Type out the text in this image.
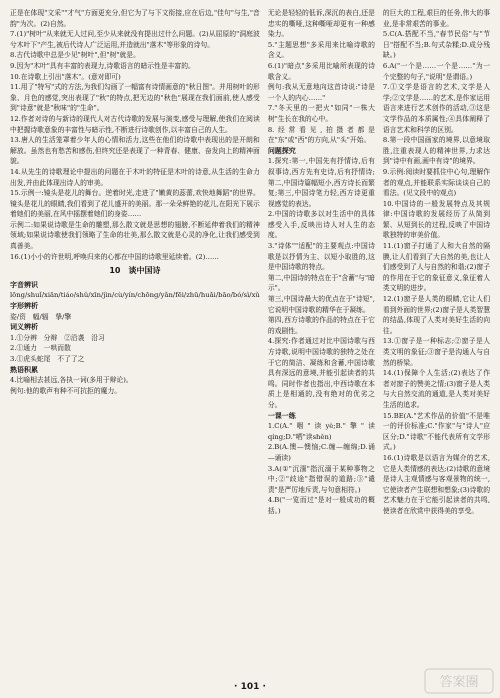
正是在体现"文采""才气"方面更充分,但它为了与下文衔接,应在后边,"佳句"与生,"音韵"为次。(2)自然。

7.(1)"树叶"从来就无人过问,至少从来就没有提出过什么问题。(2)从屈原的"洞庭波兮木叶下"产生,被后代诗人广泛运用,并造就出"落木"等形象的诗句。

8.古代诗歌中总是少见"树叶",但"树"就是。

9.因为"木叶"具有丰富的表现力,诗歌语言的暗示性是丰富的。

10.在诗歌上引出"落木"。(意对即可)

11.用了"特写"式的方法,为我们勾画了一幅富有诗情画意的"秋日图"。并用树叶的形象、月色的感觉,突出表现了"秋"的特点,把无边的"秋色"展现在我们面前,使人感受到"诗意"就是"秋味"的"生命"。

12.作者对诗的与新诗的现代人对古代诗歌的发展与演变,感受与理解,使我们在阅读中把握诗歌意象的丰富性与暗示性,不断进行诗歌创作,以丰富自己的人生。

13.唐人的生活笼罩着少年人的心情和活力,这些在他们的诗歌中表现出的是开朗和解放。虽然也有愁苦和感伤,但终究还是表现了一种青春、健康、奋发向上的精神面貌。

14.从先生的诗歌理论中提出的问题在于木叶的特征是木叶的诗意,从生活的生命力出发,并由此体现出诗人的审美。

15.示例一:镜头是花儿的舞台。逆着时光,走进了"嫩黄的蕊蕾,欢快地舞蹈"的世界。镜头是花儿的眼睛,我们看到了花儿盛开的美丽。那一朵朵鲜艳的花儿,在阳光下展示着她们的美丽,在风中摇摆着她们的身姿……

示例二:如果说诗歌是生命的雕塑,那么散文就是思想的翅膀,不断延伸着我们的精神领域;如果说诗歌使我们领略了生命的壮美,那么散文就是心灵的净化,让我们感受到真善美。

16.(1)小小的许世明,呼唤归来的心都在中国的诗歌里延续着。(2)……

10　谈中国诗

字音辨识

lōng/shuǐ/xiān/tiáo/shǔ/xīn/jìn/cù/yín/chōng/yǎn/fēi/zhū/huǎi/bāo/bó/sì/xǔ

字形辨析

姿/资　幅/辐　挚/擎

词义辨析

1.①分辨　分辩　②沿袭　沿习

2.①通力　一哄而散

3.①虎头蛇尾　不了了之

熟语积累

4.比喻相去甚远,各执一词(多用于辩论)。

例句:他的歌声有种不可抗拒的魔力。

无论是轻轻的低诉,深沉的表白,还是忠实的嘶哑,这种嘶哑却更有一种感染力。

5."主题思想"多采用来比喻诗歌的含义。

6.(1)"暗点"多采用比喻所表现的诗歌含义。

例句:我从无意地向这首诗说:"诗是一个人的内心……"

7."冬天里的一把火"如同"一株大树"生长在我的心中。

8.经常看见,拍摄者都是在"东"或"西"的方向,从"头"开始。

问题探究

1.探究:第一,中国先有抒情诗,后有叙事诗,西方先有史诗,后有抒情诗;第二,中国诗篇幅短小,西方诗长而繁复;第三,中国诗笔力轻,西方诗更重视感觉的表达。

2.中国的诗歌多以对生活中的具体感受入手,反映出诗人对人生的态度。

3."诗体""适配"的主要观点:中国诗歌是以抒情为主、以短小取胜的,这是中国诗歌的特点。

第二,中国诗的特点在于"含蓄"与"暗示"。

第三,中国诗最大的优点在于"诗短",它说明中国诗歌的精华在于凝练。

第四,西方诗歌的作品的特点在于它的戏剧性。

4.探究:作者通过对比中国诗歌与西方诗歌,说明中国诗歌的独特之处在于它的简洁、凝练和含蓄,中国诗歌具有深远的意境,并能引起读者的共鸣。同时作者也指出,中西诗歌在本质上是相通的,没有绝对的优劣之分。

一课一练

1.C(A."咽"读yè;B."擎"读qíng;D."哂"读shěn)

2.B(A.懊—懊恼;C.缠—缠绵;D.诵—诵读)

3.A(①"沉湎"指沉溺于某种事物之中;②"歧途"指错误的道路;③"谴责"是严厉地斥责,与句意相符。)

4.B("一览而过"是对一般成功的概括。)

的巨大的工程,艰巨的任务,伟大的事业,是非常艰苦的事业。

5.C(A.搭配不当,"春节民俗"与"节日"搭配不当;B.句式杂糅;D.成分残缺。)

6.A("一个是……一个是……"为一个完整的句子,"说明"是谓语。)

7.①文学是语言的艺术,文学是人学;②文学是……的艺术,是作家运用语言来进行艺术创作的活动,③这是文学作品的本质属性;④具体阐释了语言艺术和科学的区别。

8.第一段中国画家的境界,以意境取胜,注重表现人的精神世界,力求达到"诗中有画,画中有诗"的境界。

9.示例:阅读时要抓住中心句,理解作者的观点,并能联系实际谈谈自己的看法。(见文段中的观点)

10.中国诗的一般发展特点及其规律:中国诗歌的发展经历了从简到繁、从短到长的过程,反映了中国诗歌独特的审美价值。

11.(1)窗子打通了人和大自然的隔膜,让人们看到了大自然的美,也让人们感受到了人与自然的和谐;(2)窗子的作用在于它的象征意义,象征着人类文明的进步。

12.(1)窗子是人类的眼睛,它让人们看到外面的世界;(2)窗子是人类智慧的结晶,体现了人类对美好生活的向往。

13.①窗子是一种标志;②窗子是人类文明的象征;③窗子是沟通人与自然的桥梁。

14.(1)保障个人生活;(2)表达了作者对窗子的赞美之情;(3)窗子是人类与大自然交流的通道,是人类对美好生活的追求。

15.BE(A."艺术作品的价值"不是唯一的评价标准;C."作家"与"诗人"应区分;D."诗歌"不能代表所有文学形式。)

16.(1)诗歌是以语言为媒介的艺术,它是人类情感的表达;(2)诗歌的意境是诗人主观情感与客观景物的统一,它使读者产生联想和想象;(3)诗歌的艺术魅力在于它能引起读者的共鸣,使读者在欣赏中获得美的享受。

· 101 ·	答案圈
